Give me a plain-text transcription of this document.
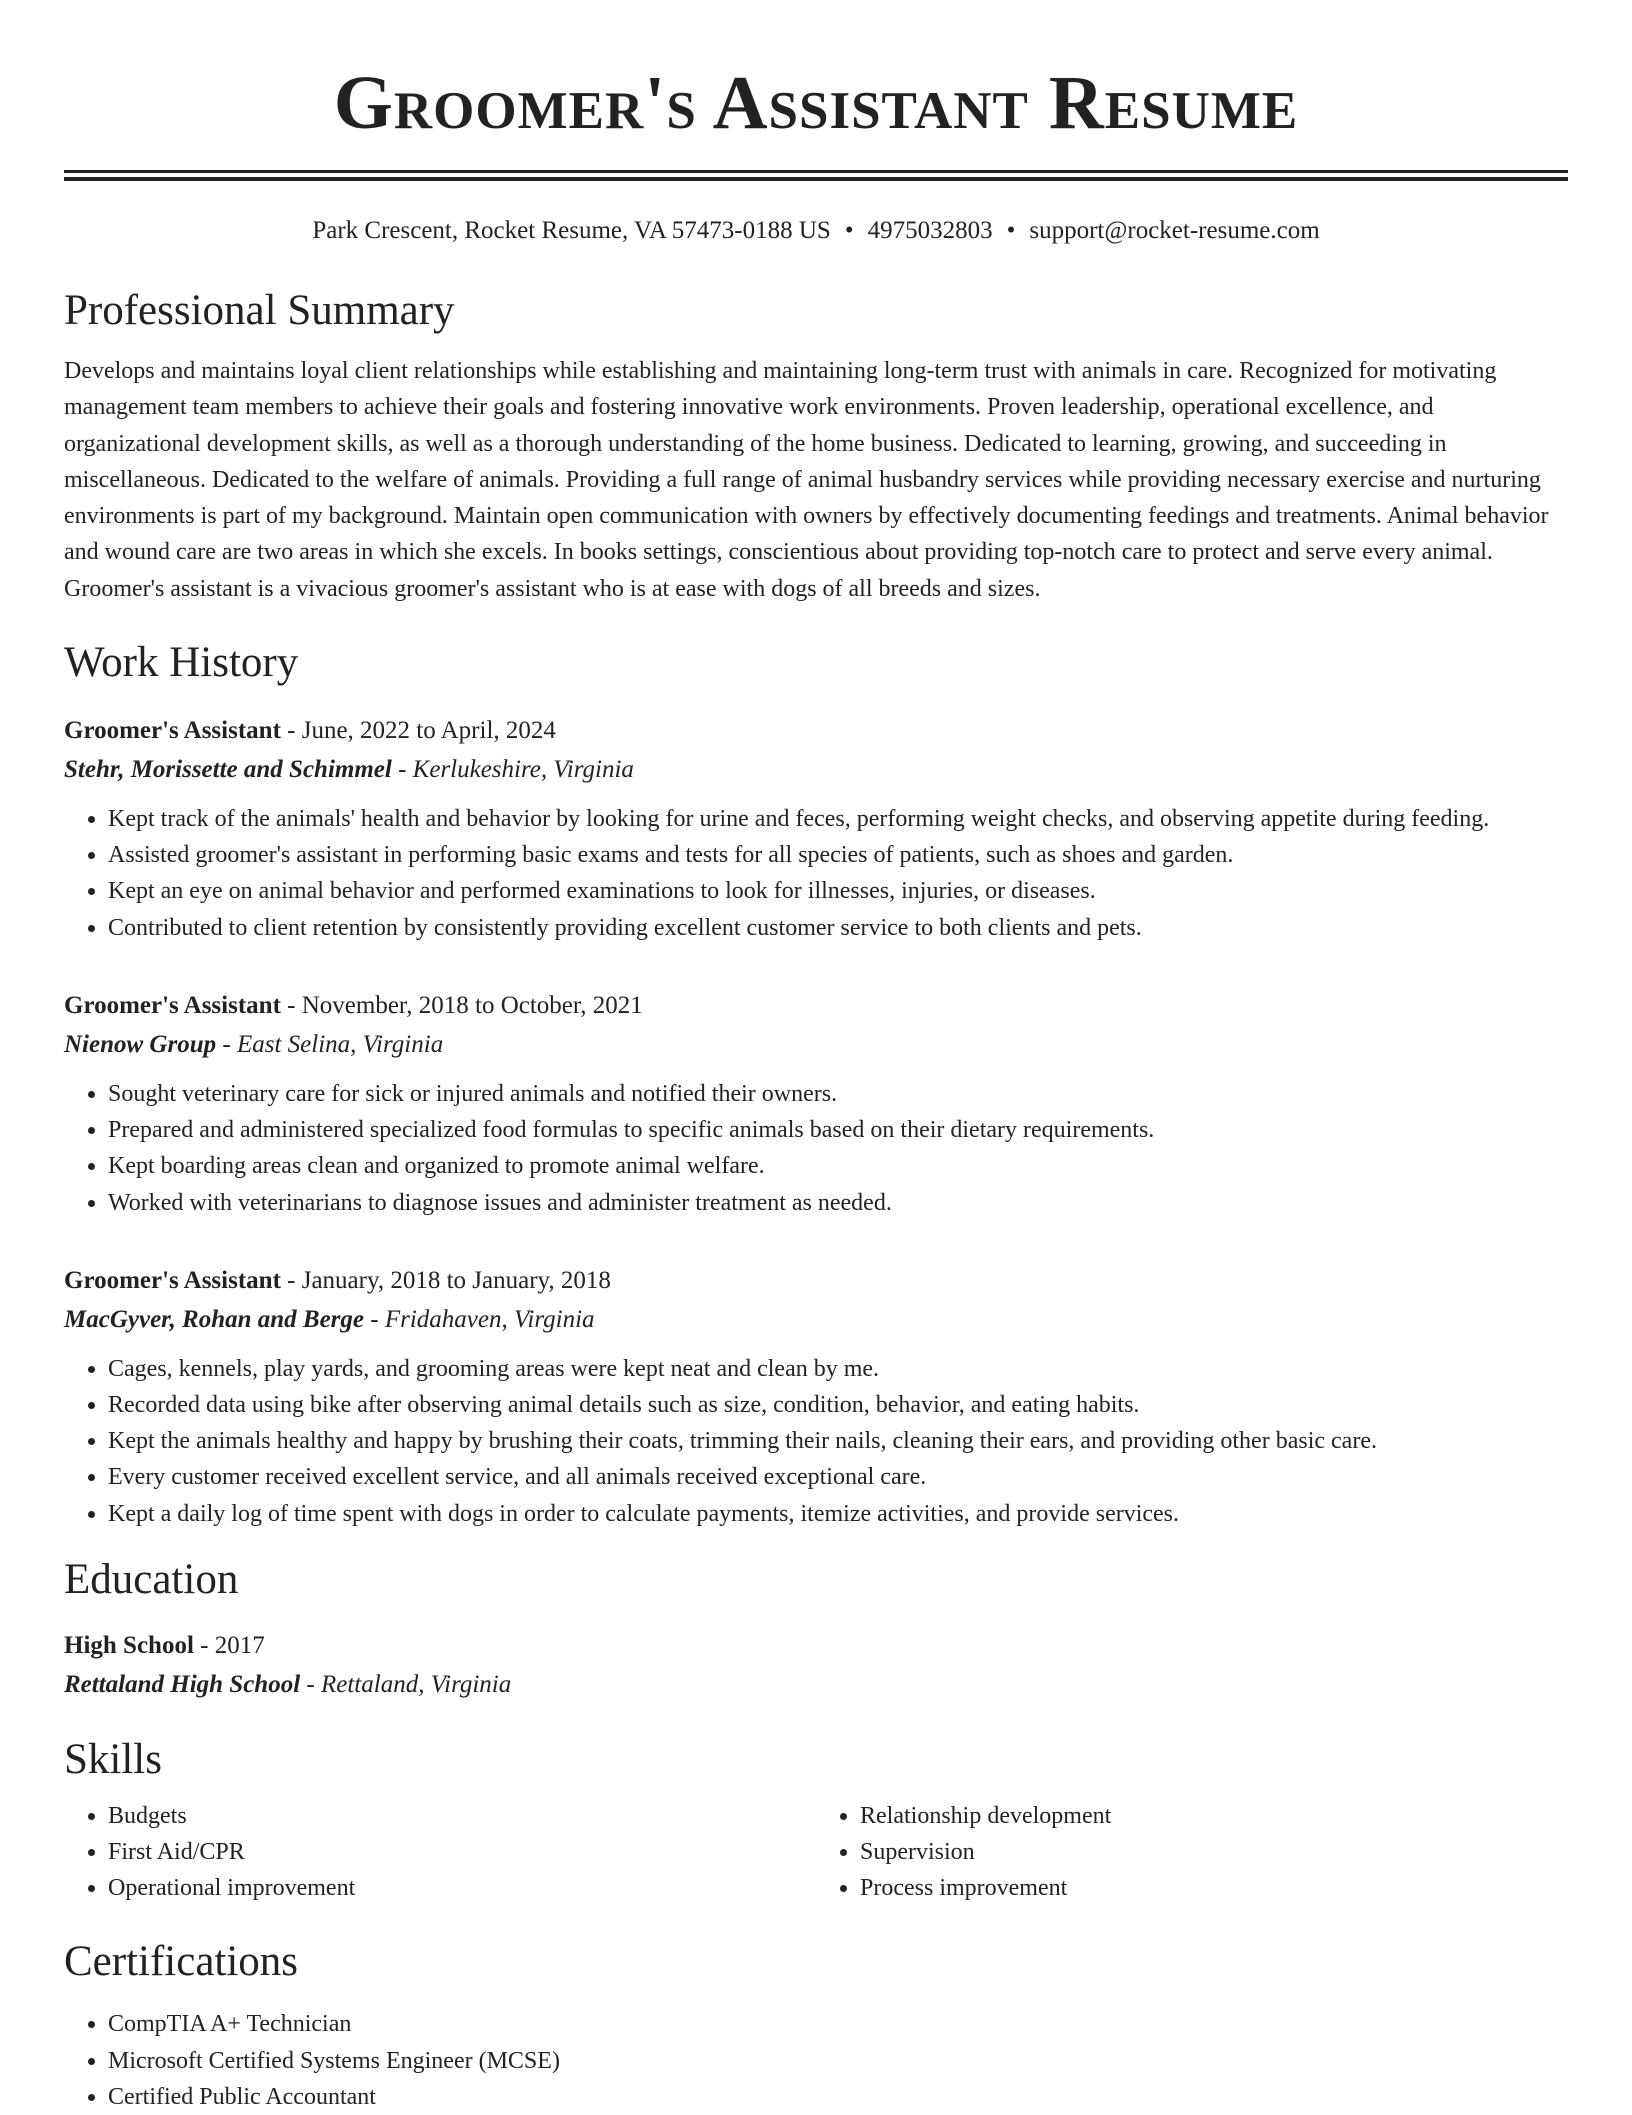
Groomer's Assistant Resume
Park Crescent, Rocket Resume, VA 57473-0188 US • 4975032803 • support@rocket-resume.com
Professional Summary

Develops and maintains loyal client relationships while establishing and maintaining long-term trust with animals in care. Recognized for motivating management team members to achieve their goals and fostering innovative work environments. Proven leadership, operational excellence, and organizational development skills, as well as a thorough understanding of the home business. Dedicated to learning, growing, and succeeding in miscellaneous. Dedicated to the welfare of animals. Providing a full range of animal husbandry services while providing necessary exercise and nurturing environments is part of my background. Maintain open communication with owners by effectively documenting feedings and treatments. Animal behavior and wound care are two areas in which she excels. In books settings, conscientious about providing top-notch care to protect and serve every animal. Groomer's assistant is a vivacious groomer's assistant who is at ease with dogs of all breeds and sizes.

Work History
Groomer's Assistant - June, 2022 to April, 2024
Stehr, Morissette and Schimmel - Kerlukeshire, Virginia
• Kept track of the animals' health and behavior by looking for urine and feces, performing weight checks, and observing appetite during feeding.
• Assisted groomer's assistant in performing basic exams and tests for all species of patients, such as shoes and garden.
• Kept an eye on animal behavior and performed examinations to look for illnesses, injuries, or diseases.
• Contributed to client retention by consistently providing excellent customer service to both clients and pets.
Groomer's Assistant - November, 2018 to October, 2021
Nienow Group - East Selina, Virginia
• Sought veterinary care for sick or injured animals and notified their owners.
• Prepared and administered specialized food formulas to specific animals based on their dietary requirements.
• Kept boarding areas clean and organized to promote animal welfare.
• Worked with veterinarians to diagnose issues and administer treatment as needed.
Groomer's Assistant - January, 2018 to January, 2018
MacGyver, Rohan and Berge - Fridahaven, Virginia
• Cages, kennels, play yards, and grooming areas were kept neat and clean by me.
• Recorded data using bike after observing animal details such as size, condition, behavior, and eating habits.
• Kept the animals healthy and happy by brushing their coats, trimming their nails, cleaning their ears, and providing other basic care.
• Every customer received excellent service, and all animals received exceptional care.
• Kept a daily log of time spent with dogs in order to calculate payments, itemize activities, and provide services.
Education
High School - 2017
Rettaland High School - Rettaland, Virginia
Skills
• Budgets
• First Aid/CPR
• Operational improvement
• Relationship development
• Supervision
• Process improvement
Certifications
• CompTIA A+ Technician
• Microsoft Certified Systems Engineer (MCSE)
• Certified Public Accountant
